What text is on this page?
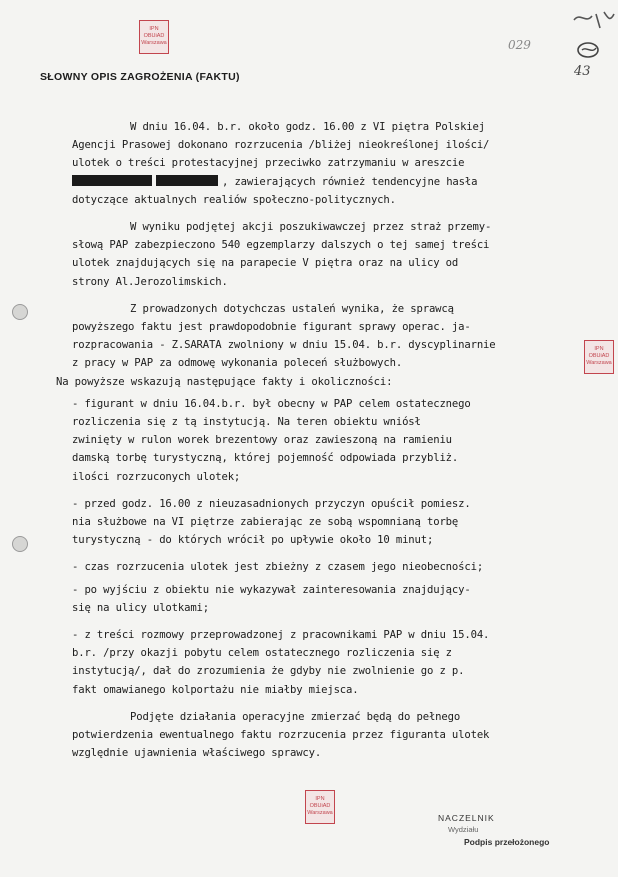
IPN
OBUiAD
Warszawa
IPN
OBUiAD
Warszawa
IPN
OBUiAD
Warszawa
029
43
SŁOWNY OPIS ZAGROŻENIA (FAKTU)

W dniu 16.04. b.r. około godz. 16.00 z VI piętra Polskiej

Agencji Prasowej dokonano rozrzucenia /bliżej nieokreślonej ilości/

ulotek o treści protestacyjnej przeciwko zatrzymaniu w areszcie

, zawierających również tendencyjne hasła

dotyczące aktualnych realiów społeczno-politycznych.

W wyniku podjętej akcji poszukiwawczej przez straż przemy-

słową PAP zabezpieczono 540 egzemplarzy dalszych o tej samej treści

ulotek znajdujących się na parapecie V piętra oraz na ulicy od

strony Al.Jerozolimskich.

Z prowadzonych dotychczas ustaleń wynika, że sprawcą

powyższego faktu jest prawdopodobnie figurant sprawy operac. ja-

rozpracowania - Z.SARATA zwolniony w dniu 15.04. b.r. dyscyplinarnie

z pracy w PAP za odmowę wykonania poleceń służbowych.

Na powyższe wskazują następujące fakty i okoliczności:

- figurant w dniu 16.04.b.r. był obecny w PAP celem ostatecznego

rozliczenia się z tą instytucją. Na teren obiektu wniósł

zwinięty w rulon worek brezentowy oraz zawieszoną na ramieniu

damską torbę turystyczną, której pojemność odpowiada przybliż.

ilości rozrzuconych ulotek;

- przed godz. 16.00 z nieuzasadnionych przyczyn opuścił pomiesz.

nia służbowe na VI piętrze zabierając ze sobą wspomnianą torbę

turystyczną - do których wrócił po upływie około 10 minut;

- czas rozrzucenia ulotek jest zbieżny z czasem jego nieobecności;

- po wyjściu z obiektu nie wykazywał zainteresowania znajdujący-

się na ulicy ulotkami;

- z treści rozmowy przeprowadzonej z pracownikami PAP w dniu 15.04.

b.r. /przy okazji pobytu celem ostatecznego rozliczenia się z

instytucją/, dał do zrozumienia że gdyby nie zwolnienie go z p.

fakt omawianego kolportażu nie miałby miejsca.

Podjęte działania operacyjne zmierzać będą do pełnego

potwierdzenia ewentualnego faktu rozrzucenia przez figuranta ulotek

względnie ujawnienia właściwego sprawcy.

NACZELNIK
Wydziału
Podpis przełożonego
